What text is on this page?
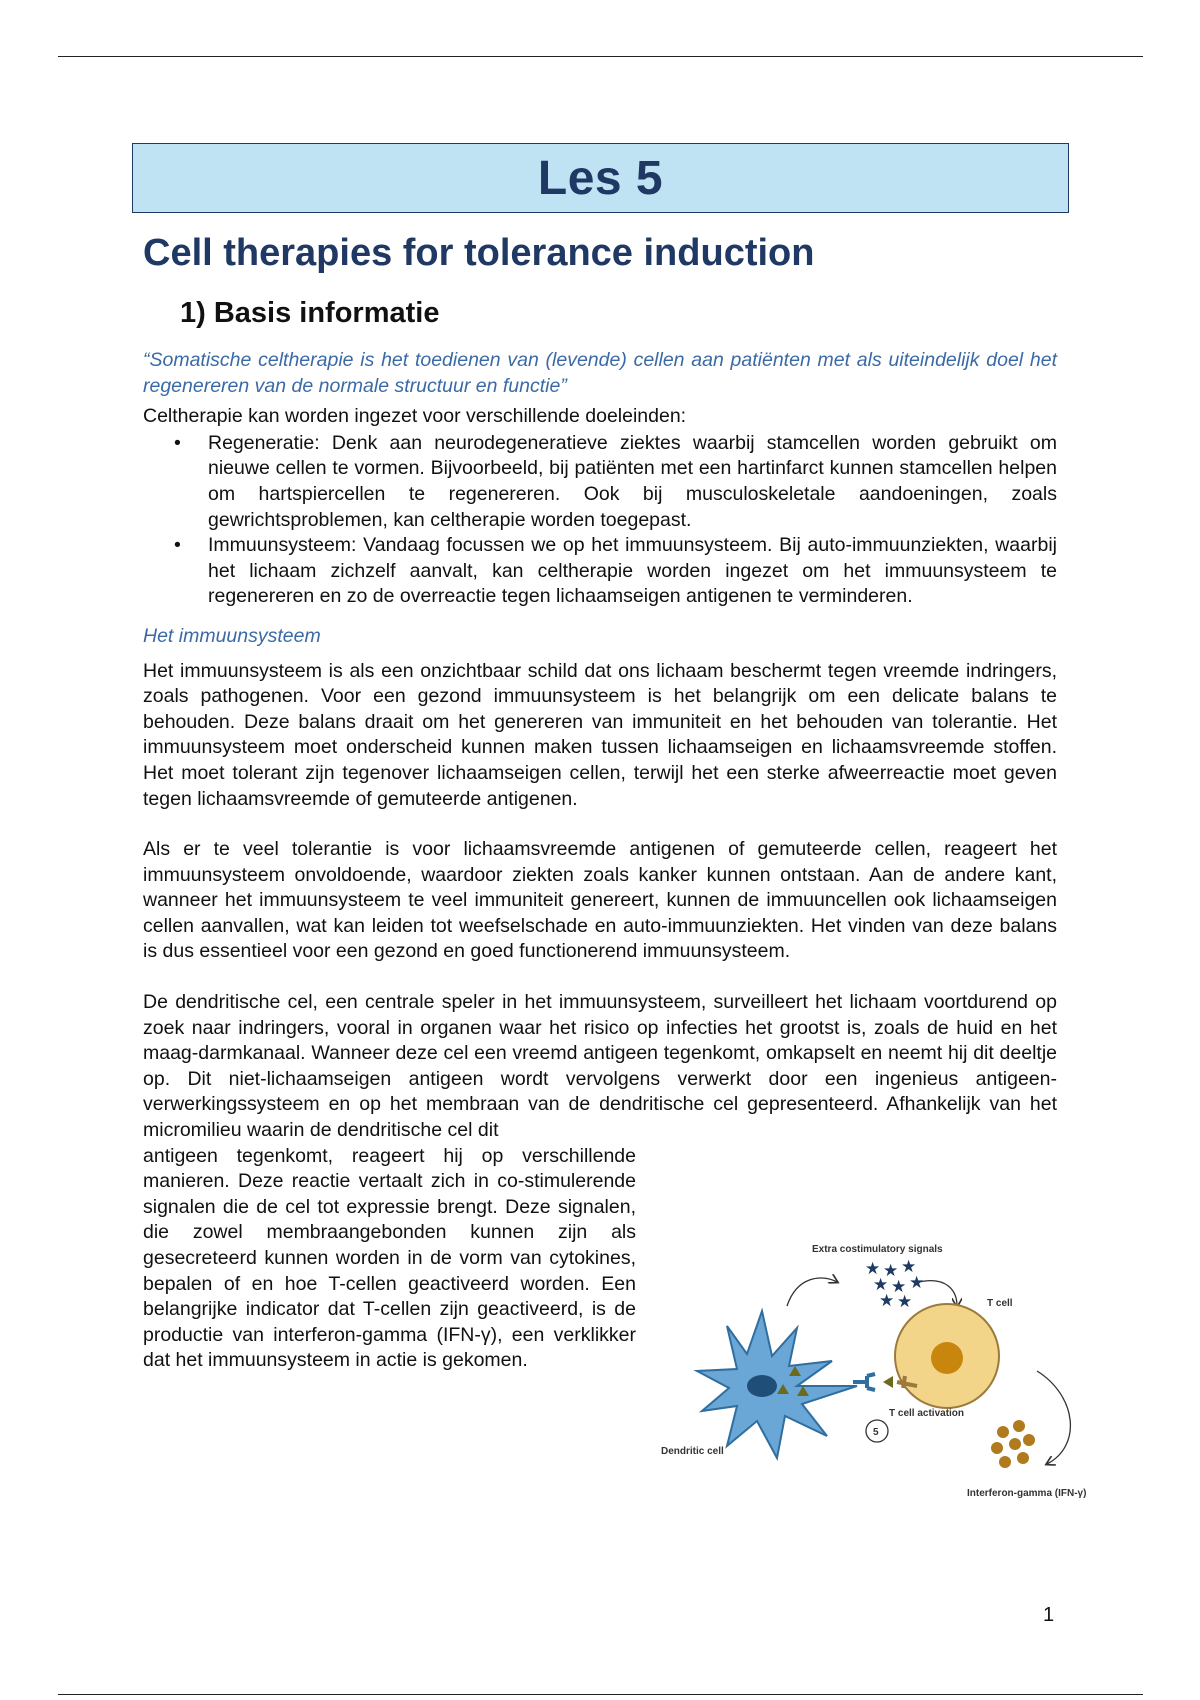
Les 5
Cell therapies for tolerance induction
1) Basis informatie

“Somatische celtherapie is het toedienen van (levende) cellen aan patiënten met als uiteindelijk doel het regenereren van de normale structuur en functie”

Celtherapie kan worden ingezet voor verschillende doeleinden:

• Regeneratie: Denk aan neurodegeneratieve ziektes waarbij stamcellen worden gebruikt om nieuwe cellen te vormen. Bijvoorbeeld, bij patiënten met een hartinfarct kunnen stamcellen helpen om hartspiercellen te regenereren. Ook bij musculoskeletale aandoeningen, zoals gewrichtsproblemen, kan celtherapie worden toegepast.
• Immuunsysteem: Vandaag focussen we op het immuunsysteem. Bij auto-immuunziekten, waarbij het lichaam zichzelf aanvalt, kan celtherapie worden ingezet om het immuunsysteem te regenereren en zo de overreactie tegen lichaamseigen antigenen te verminderen.

Het immuunsysteem

Het immuunsysteem is als een onzichtbaar schild dat ons lichaam beschermt tegen vreemde indringers, zoals pathogenen. Voor een gezond immuunsysteem is het belangrijk om een delicate balans te behouden. Deze balans draait om het genereren van immuniteit en het behouden van tolerantie. Het immuunsysteem moet onderscheid kunnen maken tussen lichaamseigen en lichaamsvreemde stoffen. Het moet tolerant zijn tegenover lichaamseigen cellen, terwijl het een sterke afweerreactie moet geven tegen lichaamsvreemde of gemuteerde antigenen.

Als er te veel tolerantie is voor lichaamsvreemde antigenen of gemuteerde cellen, reageert het immuunsysteem onvoldoende, waardoor ziekten zoals kanker kunnen ontstaan. Aan de andere kant, wanneer het immuunsysteem te veel immuniteit genereert, kunnen de immuuncellen ook lichaamseigen cellen aanvallen, wat kan leiden tot weefselschade en auto-immuunziekten. Het vinden van deze balans is dus essentieel voor een gezond en goed functionerend immuunsysteem.

De dendritische cel, een centrale speler in het immuunsysteem, surveilleert het lichaam voortdurend op zoek naar indringers, vooral in organen waar het risico op infecties het grootst is, zoals de huid en het maag-darmkanaal. Wanneer deze cel een vreemd antigeen tegenkomt, omkapselt en neemt hij dit deeltje op. Dit niet-lichaamseigen antigeen wordt vervolgens verwerkt door een ingenieus antigeen-verwerkingssysteem en op het membraan van de dendritische cel gepresenteerd. Afhankelijk van het micromilieu waarin de dendritische cel dit

antigeen tegenkomt, reageert hij op verschillende manieren. Deze reactie vertaalt zich in co-stimulerende signalen die de cel tot expressie brengt. Deze signalen, die zowel membraangebonden kunnen zijn als gesecreteerd kunnen worden in de vorm van cytokines, bepalen of en hoe T-cellen geactiveerd worden. Een belangrijke indicator dat T-cellen zijn geactiveerd, is de productie van interferon-gamma (IFN-γ), een verklikker dat het immuunsysteem in actie is gekomen.

Extra costimulatory signals
★ ★ ★
★ ★ ★
★ ★	T cell
T cell activation
5
Dendritic cell
Interferon-gamma (IFN-γ)
1
